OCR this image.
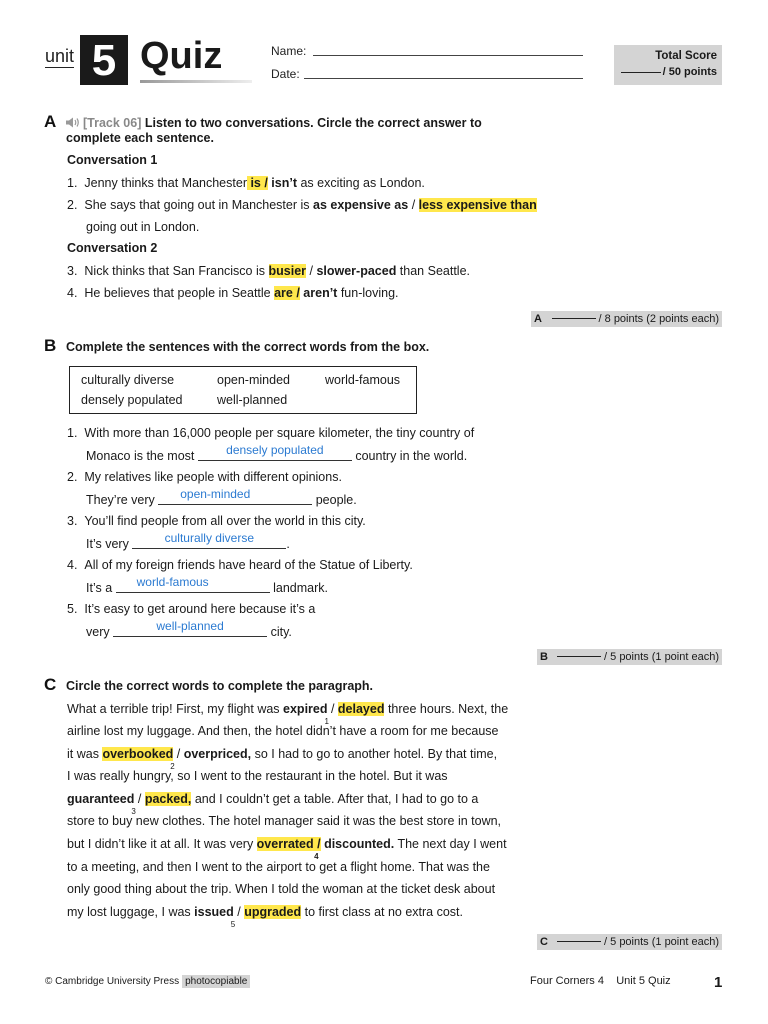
unit 5 Quiz	Name:
Date:
Total Score
/ 50 points
A	[Track 06] Listen to two conversations. Circle the correct answer to
complete each sentence.
Conversation 1
1. Jenny thinks that Manchester is / isn’t as exciting as London.
2. She says that going out in Manchester is as expensive as / less expensive than
going out in London.
Conversation 2
3. Nick thinks that San Francisco is busier / slower-paced than Seattle.
4. He believes that people in Seattle are / aren’t fun-loving.
A	/ 8 points (2 points each)
B Complete the sentences with the correct words from the box.
culturally diverse	open-minded	world-famous
densely populated	well-planned
1. With more than 16,000 people per square kilometer, the tiny country of
Monaco is the most	densely populated	country in the world.
2. My relatives like people with different opinions.
They’re very	open-minded	people.
3. You’ll find people from all over the world in this city.
It’s very	culturally diverse	.
4. All of my foreign friends have heard of the Statue of Liberty.
It’s a	world-famous	landmark.
5. It’s easy to get around here because it’s a
very	well-planned	city.
B	/ 5 points (1 point each)
C Circle the correct words to complete the paragraph.
What a terrible trip! First, my flight was expired /
1
delayed three hours. Next, the
airline lost my luggage. And then, the hotel didn’t have a room for me because
it was overbooked /
2
overpriced, so I had to go to another hotel. By that time,
I was really hungry, so I went to the restaurant in the hotel. But it was
guaranteed /
3
packed, and I couldn’t get a table. After that, I had to go to a
store to buy new clothes. The hotel manager said it was the best store in town,
but I didn’t like it at all. It was very overrated /
4
discounted. The next day I went
to a meeting, and then I went to the airport to get a flight home. That was the
only good thing about the trip. When I told the woman at the ticket desk about
my lost luggage, I was issued /
5
upgraded to first class at no extra cost.
C	/ 5 points (1 point each)
© Cambridge University Press photocopiable	Four Corners 4 Unit 5 Quiz	1
